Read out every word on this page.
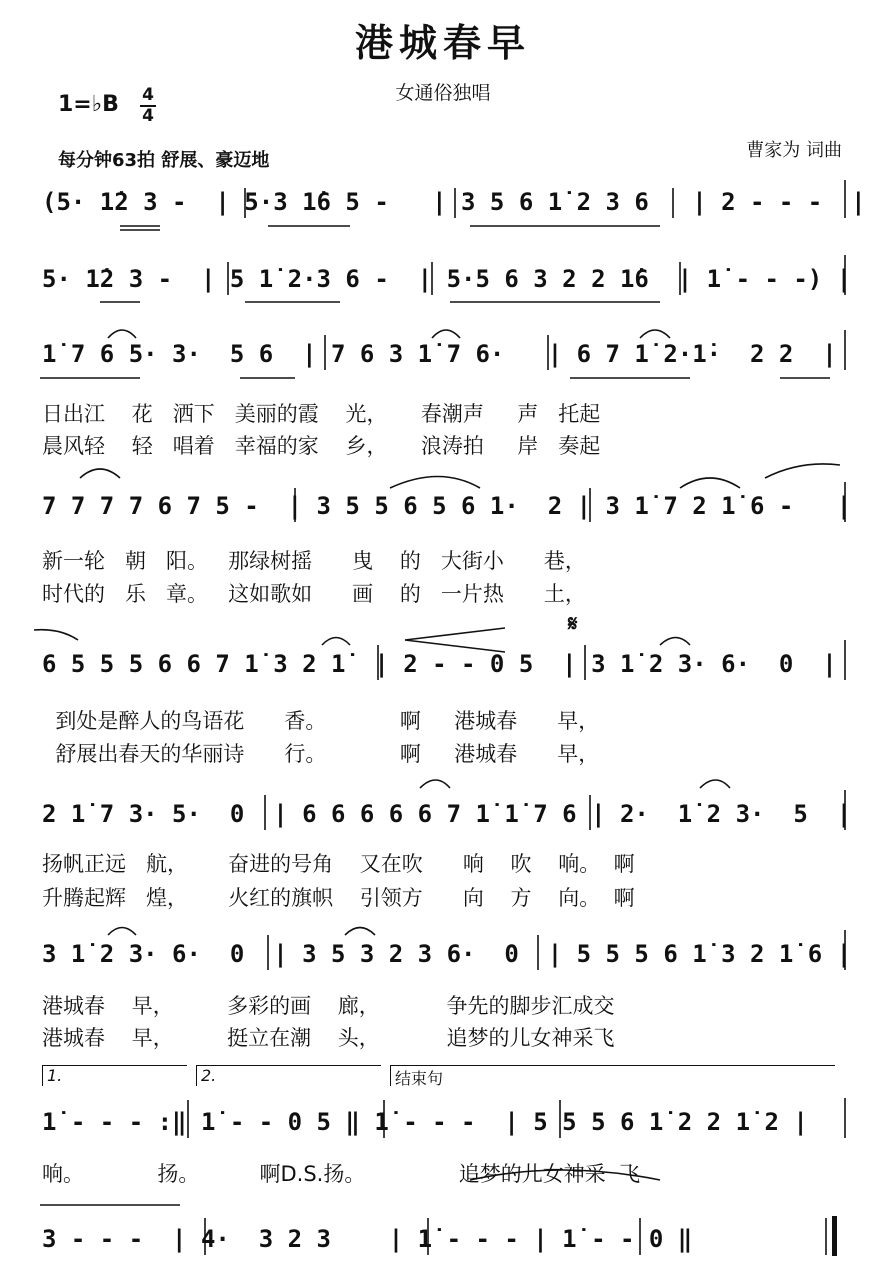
港城春早
女通俗独唱
1=♭B 4
4
每分钟63拍 舒展、豪迈地	曹家为 词曲
(5· 1̇2 3 -  | 5·3 1̇6 5 -   | 3 5 6 1̇ 2 3 6   | 2 - - -  |
5· 1̇2 3 -  | 5 1̇ 2·3 6 -  | 5·5 6 3 2 2 1̇6  | 1̇ - - -) |
1̇ 7 6 5· 3·  5 6  | 7 6 3 1̇ 7 6·   | 6 7 1̇ 2·1̇·  2 2  |
7 7 7 7 6 7 5 -  | 3 5 5 6 5 6 1·  2 | 3 1̇ 7 2 1̇ 6 -   |
6 5 5 5 6 6 7 1̇ 3 2 1̇  | 2 - - 0 5  | 3 1̇ 2 3· 6·  0  |
2 1̇ 7 3· 5·  0  | 6 6 6 6 6 7 1̇ 1̇ 7 6 | 2·  1̇ 2 3·  5  |
3 1̇ 2 3· 6·  0  | 3 5 3 2 3 6·  0  | 5 5 5 6 1̇ 3 2 1̇ 6 |
1̇ - - - :‖ 1̇ - - 0 5 ‖ 1̇ - - -  | 5 5 5 6 1̇ 2 2 1̇ 2 |
3 - - -  | 4·  3 2 3    | 1̇ - - - | 1̇ - - 0 ‖
日出江    花   洒下   美丽的霞    光，     春潮声     声   托起
晨风轻    轻   唱着   幸福的家    乡，     浪涛拍     岸   奏起
新一轮   朝   阳。   那绿树摇      曳    的   大街小      巷，
时代的   乐   章。   这如歌如      画    的   一片热      土，
到处是醉人的鸟语花      香。           啊     港城春      早，
舒展出春天的华丽诗      行。           啊     港城春      早，
扬帆正远   航，      奋进的号角    又在吹      响    吹    响。  啊
升腾起辉   煌，      火红的旗帜    引领方      向    方    向。  啊
港城春    早，        多彩的画    廊，          争先的脚步汇成交
港城春    早，        挺立在潮    头，          追梦的儿女神采飞
响。           扬。         啊D.S.扬。              追梦的儿女神采  飞
𝄋
1.	2.	结束句
